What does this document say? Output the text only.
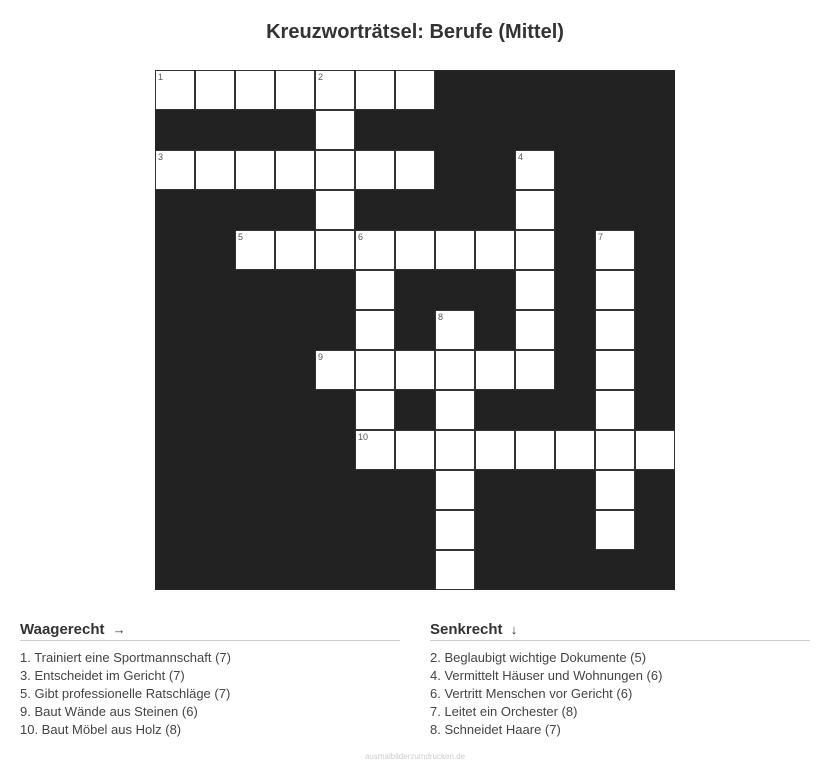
Kreuzworträtsel: Berufe (Mittel)
1	2
3	4
5	6	7
8
9
10
Waagerecht →
1. Trainiert eine Sportmannschaft (7)
3. Entscheidet im Gericht (7)
5. Gibt professionelle Ratschläge (7)
9. Baut Wände aus Steinen (6)
10. Baut Möbel aus Holz (8)
Senkrecht ↓
2. Beglaubigt wichtige Dokumente (5)
4. Vermittelt Häuser und Wohnungen (6)
6. Vertritt Menschen vor Gericht (6)
7. Leitet ein Orchester (8)
8. Schneidet Haare (7)
ausmalbilderzumdrucken.de
